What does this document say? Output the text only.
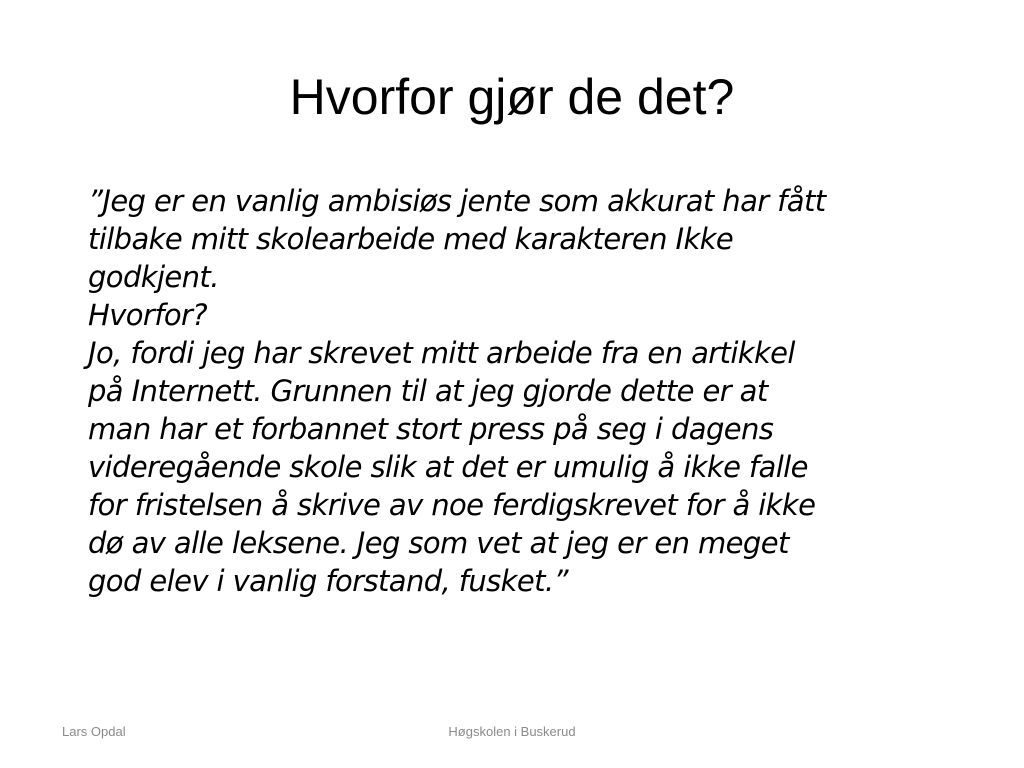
Hvorfor gjør de det?
”Jeg er en vanlig ambisiøs jente som akkurat har fått
tilbake mitt skolearbeide med karakteren Ikke
godkjent.
Hvorfor?
Jo, fordi jeg har skrevet mitt arbeide fra en artikkel
på Internett. Grunnen til at jeg gjorde dette er at
man har et forbannet stort press på seg i dagens
videregående skole slik at det er umulig å ikke falle
for fristelsen å skrive av noe ferdigskrevet for å ikke
dø av alle leksene. Jeg som vet at jeg er en meget
god elev i vanlig forstand, fusket.”
Lars Opdal	Høgskolen i Buskerud
